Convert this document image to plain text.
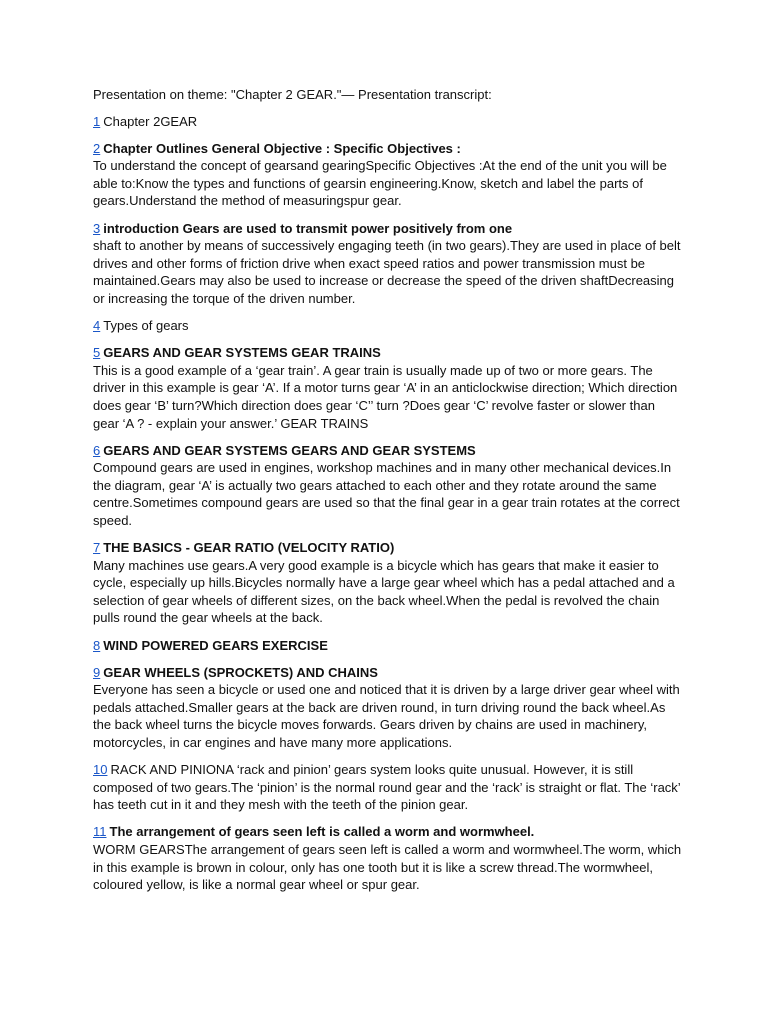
Presentation on theme: "Chapter 2 GEAR."— Presentation transcript:
1 Chapter 2GEAR
2 Chapter Outlines General Objective : Specific Objectives :
To understand the concept of gearsand gearingSpecific Objectives :At the end of the unit you will be able to:Know the types and functions of gearsin engineering.Know, sketch and label the parts of gears.Understand the method of measuringspur gear.
3 introduction Gears are used to transmit power positively from one
shaft to another by means of successively engaging teeth (in two gears).They are used in place of belt drives and other forms of friction drive when exact speed ratios and power transmission must be maintained.Gears may also be used to increase or decrease the speed of the driven shaftDecreasing or increasing the torque of the driven number.
4 Types of gears
5 GEARS AND GEAR SYSTEMS GEAR TRAINS
This is a good example of a ‘gear train’. A gear train is usually made up of two or more gears. The driver in this example is gear ‘A’. If a motor turns gear ‘A’ in an anticlockwise direction; Which direction does gear ‘B’ turn?Which direction does gear ‘C’’ turn ?Does gear ‘C’ revolve faster or slower than gear ‘A ? - explain your answer.’ GEAR TRAINS
6 GEARS AND GEAR SYSTEMS GEARS AND GEAR SYSTEMS
Compound gears are used in engines, workshop machines and in many other mechanical devices.In the diagram, gear ‘A’ is actually two gears attached to each other and they rotate around the same centre.Sometimes compound gears are used so that the final gear in a gear train rotates at the correct speed.
7 THE BASICS - GEAR RATIO (VELOCITY RATIO)
Many machines use gears.A very good example is a bicycle which has gears that make it easier to cycle, especially up hills.Bicycles normally have a large gear wheel which has a pedal attached and a selection of gear wheels of different sizes, on the back wheel.When the pedal is revolved the chain pulls round the gear wheels at the back.
8 WIND POWERED GEARS EXERCISE
9 GEAR WHEELS (SPROCKETS) AND CHAINS
Everyone has seen a bicycle or used one and noticed that it is driven by a large driver gear wheel with pedals attached.Smaller gears at the back are driven round, in turn driving round the back wheel.As the back wheel turns the bicycle moves forwards. Gears driven by chains are used in machinery, motorcycles, in car engines and have many more applications.
10 RACK AND PINIONA ‘rack and pinion’ gears system looks quite unusual. However, it is still composed of two gears.The ‘pinion’ is the normal round gear and the ‘rack’ is straight or flat. The ‘rack’ has teeth cut in it and they mesh with the teeth of the pinion gear.
11 The arrangement of gears seen left is called a worm and wormwheel.
WORM GEARSThe arrangement of gears seen left is called a worm and wormwheel.The worm, which in this example is brown in colour, only has one tooth but it is like a screw thread.The wormwheel, coloured yellow, is like a normal gear wheel or spur gear.
